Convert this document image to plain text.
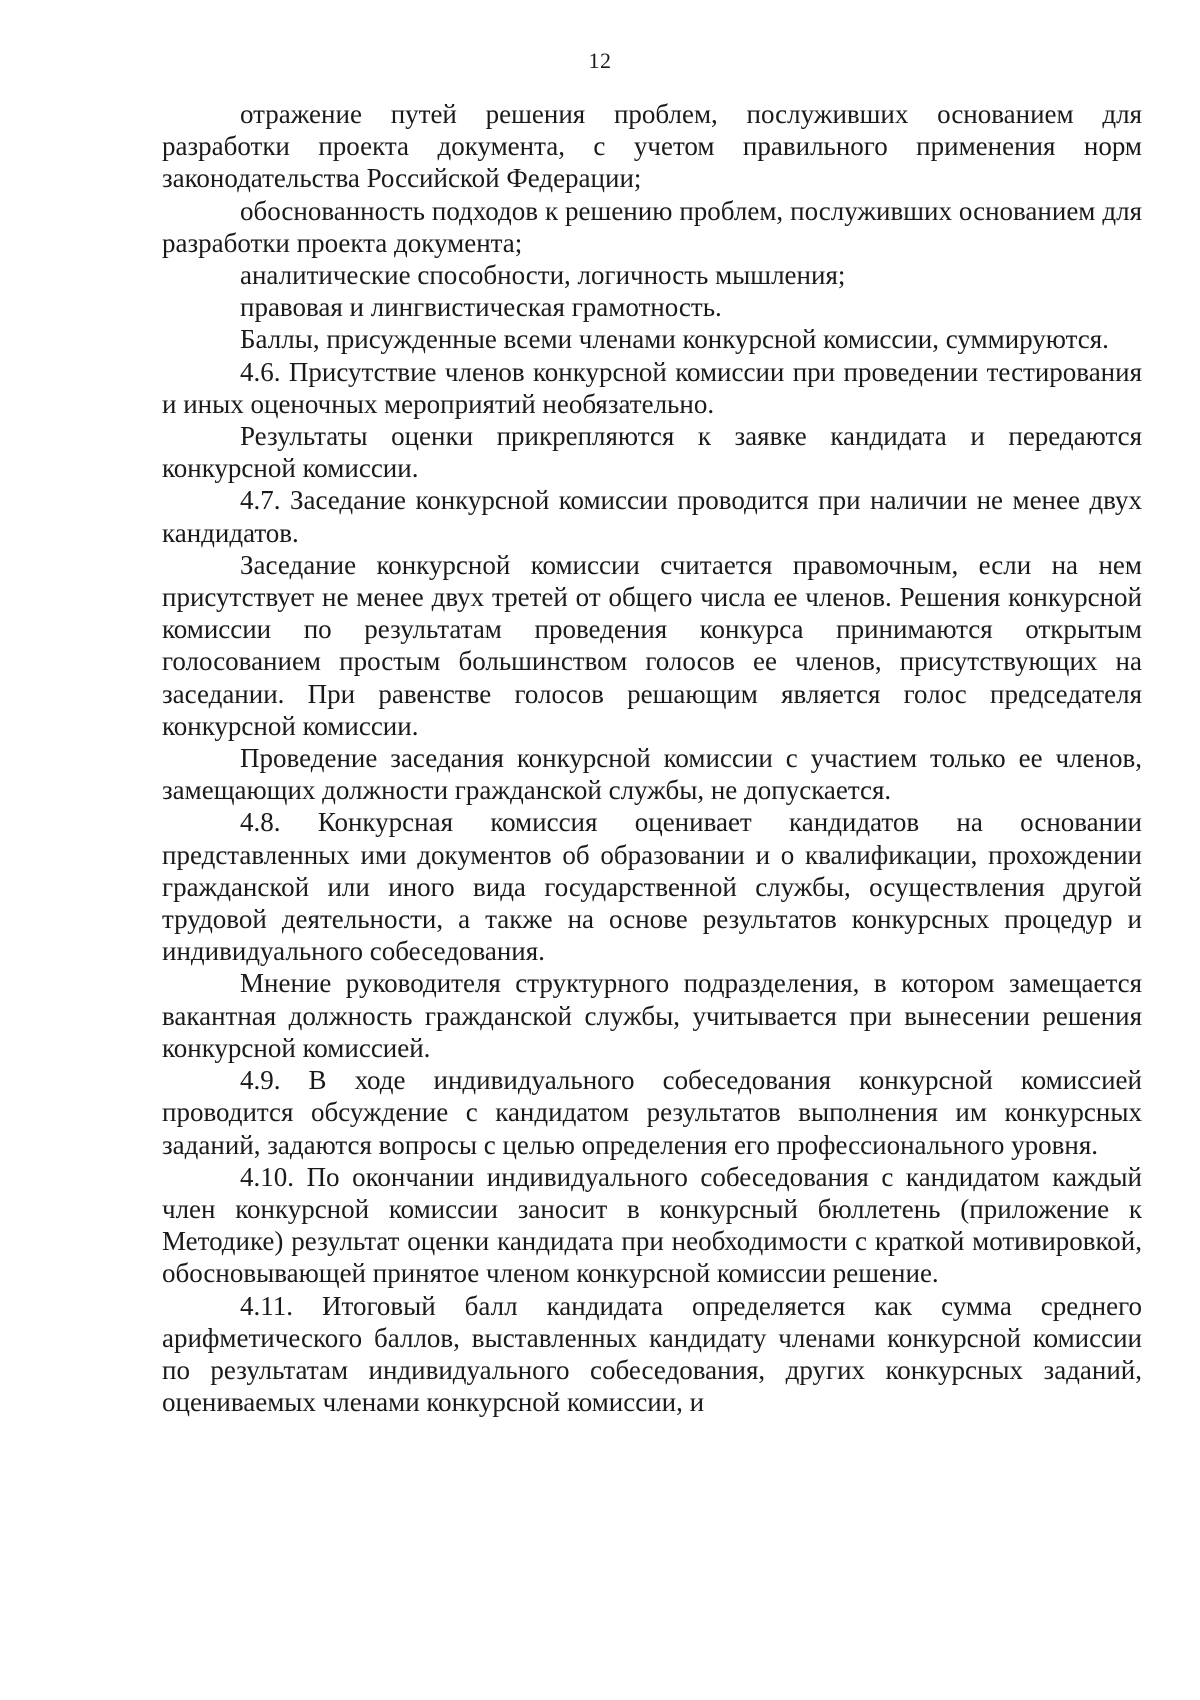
12

отражение путей решения проблем, послуживших основанием для разработки проекта документа, с учетом правильного применения норм законодательства Российской Федерации;

обоснованность подходов к решению проблем, послуживших основанием для разработки проекта документа;

аналитические способности, логичность мышления;

правовая и лингвистическая грамотность.

Баллы, присужденные всеми членами конкурсной комиссии, суммируются.

4.6. Присутствие членов конкурсной комиссии при проведении тестирования и иных оценочных мероприятий необязательно.

Результаты оценки прикрепляются к заявке кандидата и передаются конкурсной комиссии.

4.7. Заседание конкурсной комиссии проводится при наличии не менее двух кандидатов.

Заседание конкурсной комиссии считается правомочным, если на нем присутствует не менее двух третей от общего числа ее членов. Решения конкурсной комиссии по результатам проведения конкурса принимаются открытым голосованием простым большинством голосов ее членов, присутствующих на заседании. При равенстве голосов решающим является голос председателя конкурсной комиссии.

Проведение заседания конкурсной комиссии с участием только ее членов, замещающих должности гражданской службы, не допускается.

4.8. Конкурсная комиссия оценивает кандидатов на основании представленных ими документов об образовании и о квалификации, прохождении гражданской или иного вида государственной службы, осуществления другой трудовой деятельности, а также на основе результатов конкурсных процедур и индивидуального собеседования.

Мнение руководителя структурного подразделения, в котором замещается вакантная должность гражданской службы, учитывается при вынесении решения конкурсной комиссией.

4.9. В ходе индивидуального собеседования конкурсной комиссией проводится обсуждение с кандидатом результатов выполнения им конкурсных заданий, задаются вопросы с целью определения его профессионального уровня.

4.10. По окончании индивидуального собеседования с кандидатом каждый член конкурсной комиссии заносит в конкурсный бюллетень (приложение к Методике) результат оценки кандидата при необходимости с краткой мотивировкой, обосновывающей принятое членом конкурсной комиссии решение.

4.11. Итоговый балл кандидата определяется как сумма среднего арифметического баллов, выставленных кандидату членами конкурсной комиссии по результатам индивидуального собеседования, других конкурсных заданий, оцениваемых членами конкурсной комиссии, и
